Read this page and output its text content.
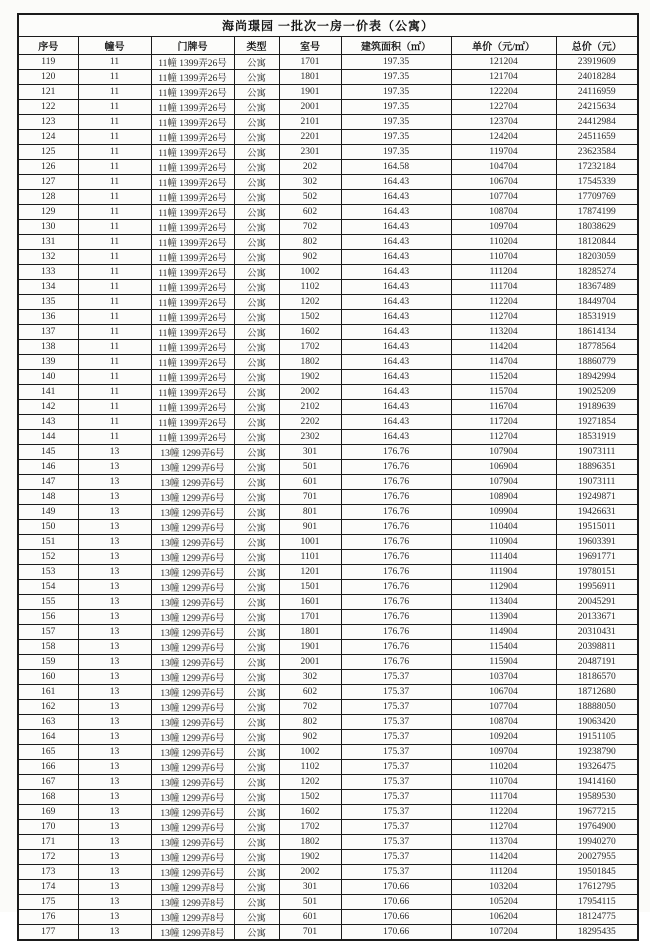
海尚璟园 一批次一房一价表（公寓）							
序号	幢号	门牌号	类型	室号	建筑面积（㎡）	单价（元/㎡）	总价（元）
119	11	11幢 1399弄26号	公寓	1701	197.35	121204	23919609
120	11	11幢 1399弄26号	公寓	1801	197.35	121704	24018284
121	11	11幢 1399弄26号	公寓	1901	197.35	122204	24116959
122	11	11幢 1399弄26号	公寓	2001	197.35	122704	24215634
123	11	11幢 1399弄26号	公寓	2101	197.35	123704	24412984
124	11	11幢 1399弄26号	公寓	2201	197.35	124204	24511659
125	11	11幢 1399弄26号	公寓	2301	197.35	119704	23623584
126	11	11幢 1399弄26号	公寓	202	164.58	104704	17232184
127	11	11幢 1399弄26号	公寓	302	164.43	106704	17545339
128	11	11幢 1399弄26号	公寓	502	164.43	107704	17709769
129	11	11幢 1399弄26号	公寓	602	164.43	108704	17874199
130	11	11幢 1399弄26号	公寓	702	164.43	109704	18038629
131	11	11幢 1399弄26号	公寓	802	164.43	110204	18120844
132	11	11幢 1399弄26号	公寓	902	164.43	110704	18203059
133	11	11幢 1399弄26号	公寓	1002	164.43	111204	18285274
134	11	11幢 1399弄26号	公寓	1102	164.43	111704	18367489
135	11	11幢 1399弄26号	公寓	1202	164.43	112204	18449704
136	11	11幢 1399弄26号	公寓	1502	164.43	112704	18531919
137	11	11幢 1399弄26号	公寓	1602	164.43	113204	18614134
138	11	11幢 1399弄26号	公寓	1702	164.43	114204	18778564
139	11	11幢 1399弄26号	公寓	1802	164.43	114704	18860779
140	11	11幢 1399弄26号	公寓	1902	164.43	115204	18942994
141	11	11幢 1399弄26号	公寓	2002	164.43	115704	19025209
142	11	11幢 1399弄26号	公寓	2102	164.43	116704	19189639
143	11	11幢 1399弄26号	公寓	2202	164.43	117204	19271854
144	11	11幢 1399弄26号	公寓	2302	164.43	112704	18531919
145	13	13幢 1299弄6号	公寓	301	176.76	107904	19073111
146	13	13幢 1299弄6号	公寓	501	176.76	106904	18896351
147	13	13幢 1299弄6号	公寓	601	176.76	107904	19073111
148	13	13幢 1299弄6号	公寓	701	176.76	108904	19249871
149	13	13幢 1299弄6号	公寓	801	176.76	109904	19426631
150	13	13幢 1299弄6号	公寓	901	176.76	110404	19515011
151	13	13幢 1299弄6号	公寓	1001	176.76	110904	19603391
152	13	13幢 1299弄6号	公寓	1101	176.76	111404	19691771
153	13	13幢 1299弄6号	公寓	1201	176.76	111904	19780151
154	13	13幢 1299弄6号	公寓	1501	176.76	112904	19956911
155	13	13幢 1299弄6号	公寓	1601	176.76	113404	20045291
156	13	13幢 1299弄6号	公寓	1701	176.76	113904	20133671
157	13	13幢 1299弄6号	公寓	1801	176.76	114904	20310431
158	13	13幢 1299弄6号	公寓	1901	176.76	115404	20398811
159	13	13幢 1299弄6号	公寓	2001	176.76	115904	20487191
160	13	13幢 1299弄6号	公寓	302	175.37	103704	18186570
161	13	13幢 1299弄6号	公寓	602	175.37	106704	18712680
162	13	13幢 1299弄6号	公寓	702	175.37	107704	18888050
163	13	13幢 1299弄6号	公寓	802	175.37	108704	19063420
164	13	13幢 1299弄6号	公寓	902	175.37	109204	19151105
165	13	13幢 1299弄6号	公寓	1002	175.37	109704	19238790
166	13	13幢 1299弄6号	公寓	1102	175.37	110204	19326475
167	13	13幢 1299弄6号	公寓	1202	175.37	110704	19414160
168	13	13幢 1299弄6号	公寓	1502	175.37	111704	19589530
169	13	13幢 1299弄6号	公寓	1602	175.37	112204	19677215
170	13	13幢 1299弄6号	公寓	1702	175.37	112704	19764900
171	13	13幢 1299弄6号	公寓	1802	175.37	113704	19940270
172	13	13幢 1299弄6号	公寓	1902	175.37	114204	20027955
173	13	13幢 1299弄6号	公寓	2002	175.37	111204	19501845
174	13	13幢 1299弄8号	公寓	301	170.66	103204	17612795
175	13	13幢 1299弄8号	公寓	501	170.66	105204	17954115
176	13	13幢 1299弄8号	公寓	601	170.66	106204	18124775
177	13	13幢 1299弄8号	公寓	701	170.66	107204	18295435
